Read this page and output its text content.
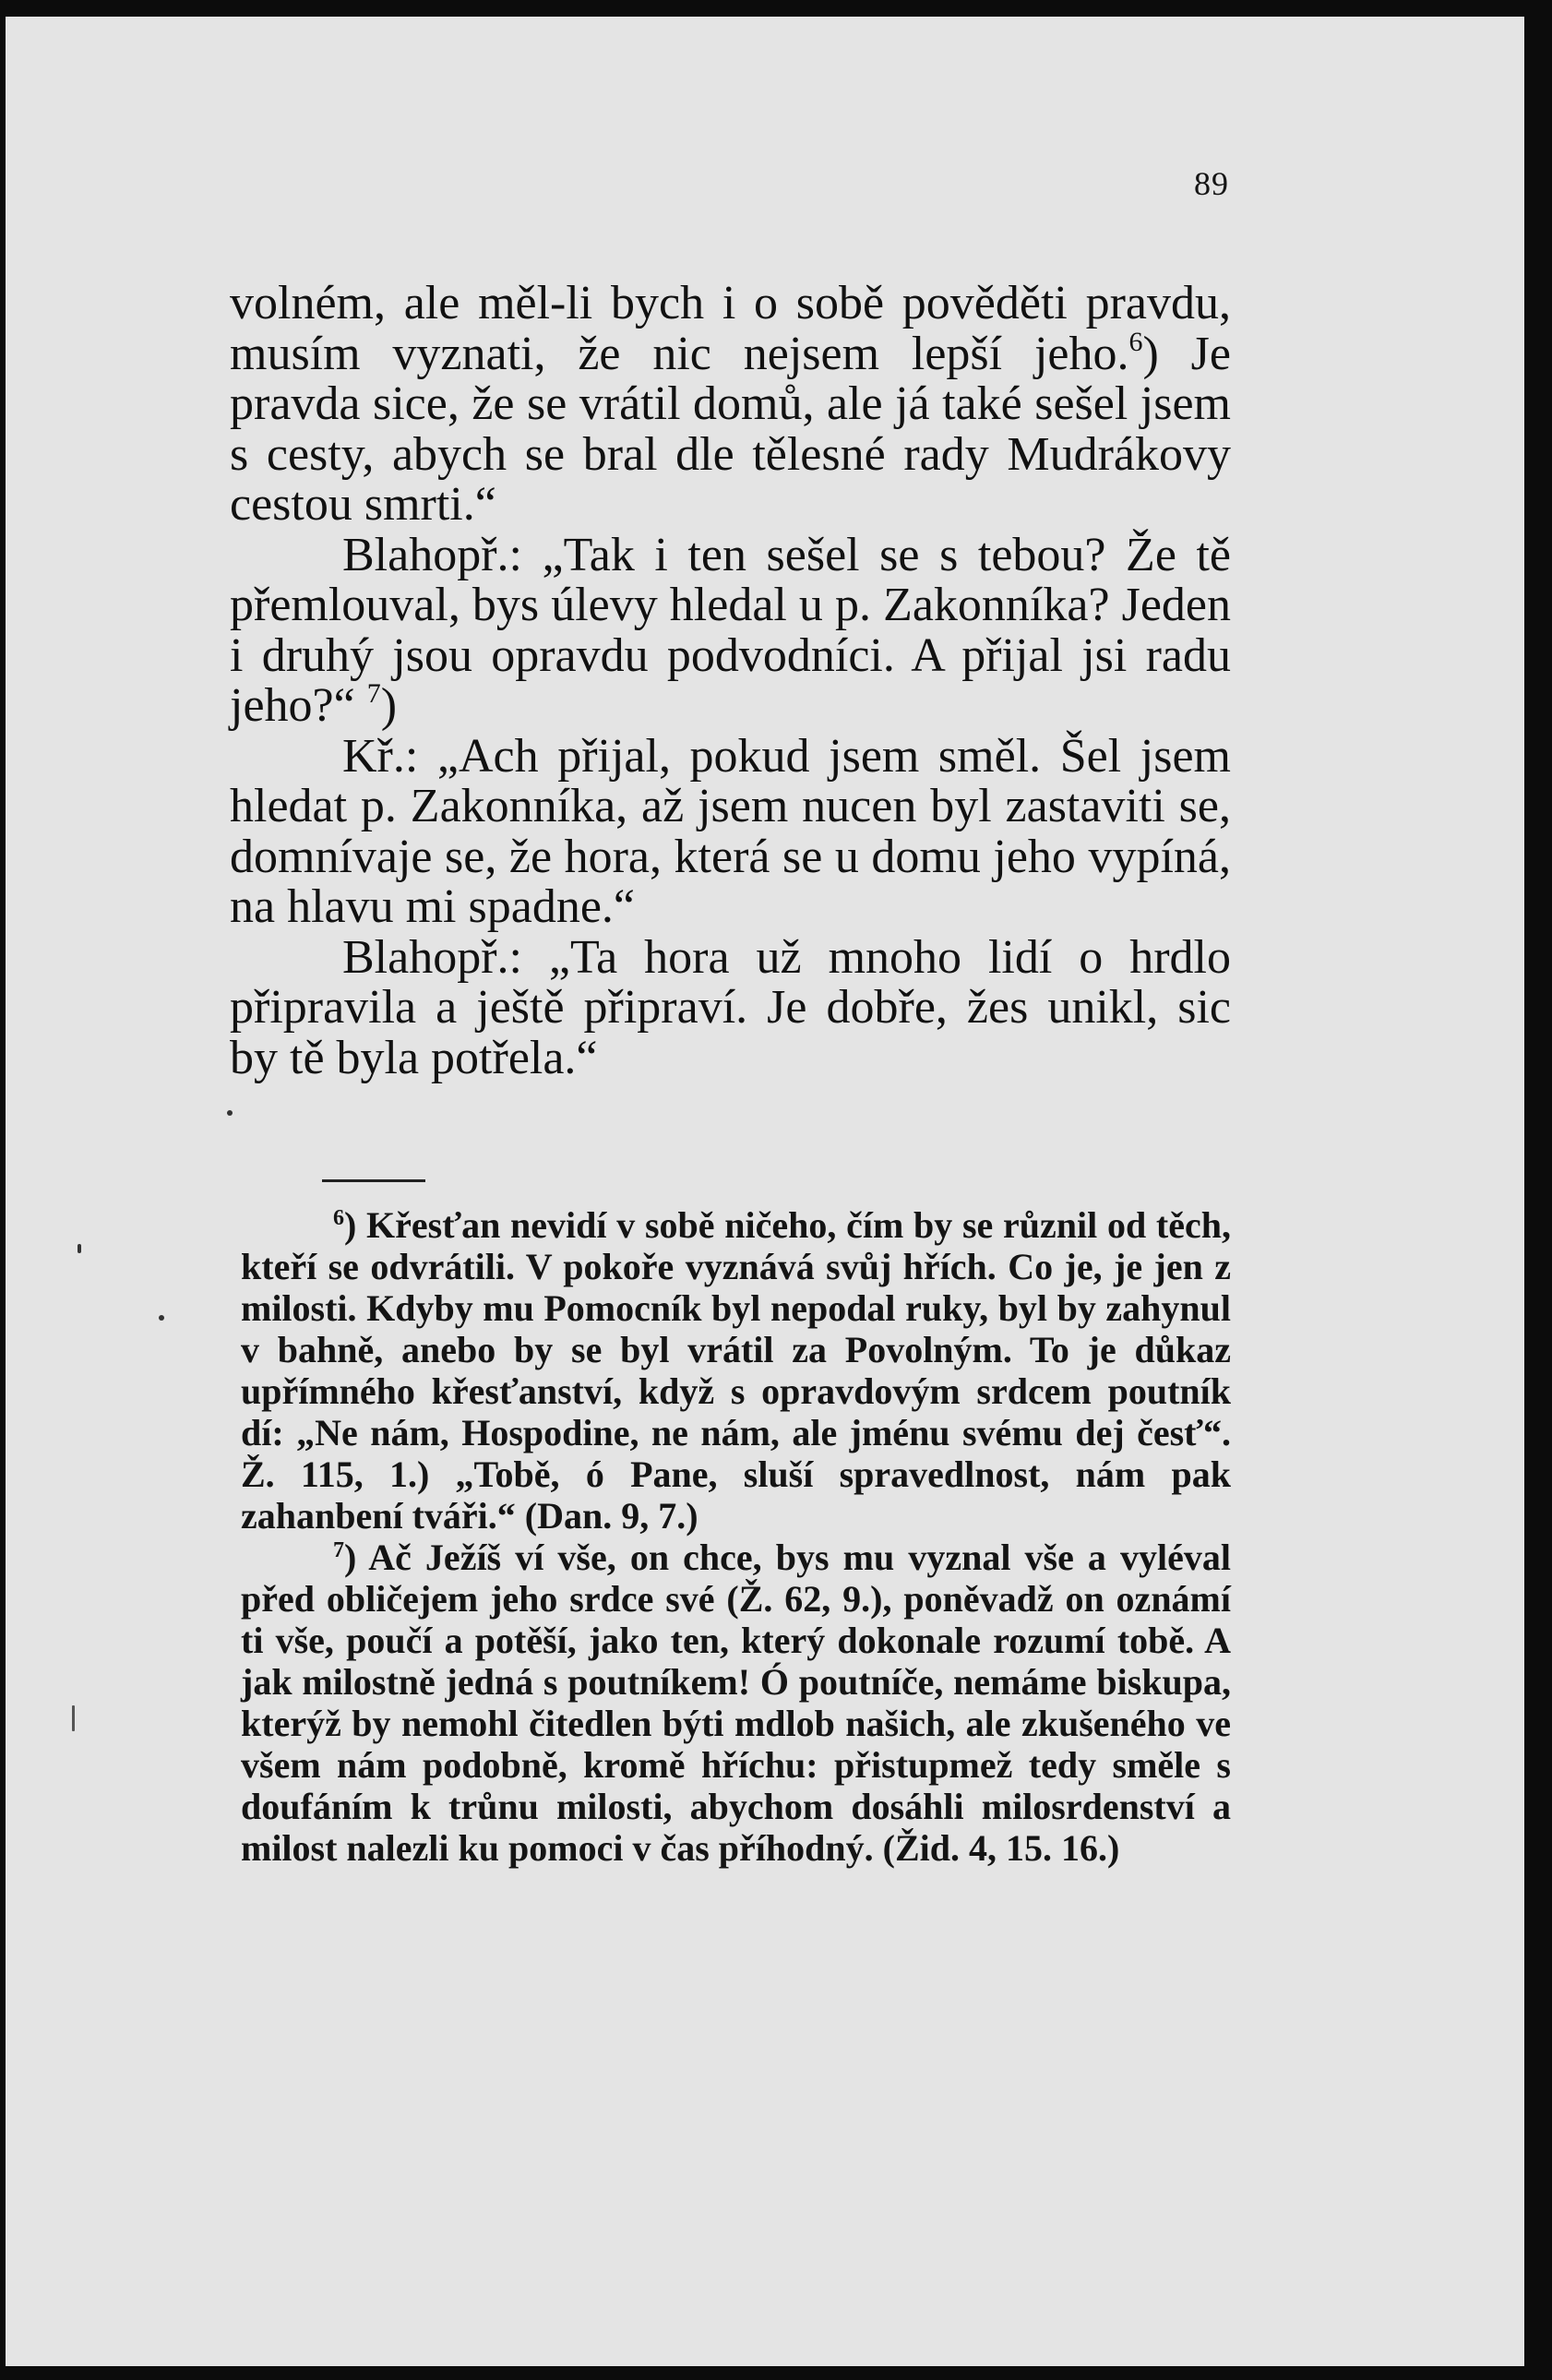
89

volném, ale měl-li bych i o sobě pověděti pravdu, musím vyznati, že nic nejsem lepší jeho.$^6$) Je pravda sice, že se vrátil domů, ale já také sešel jsem s cesty, abych se bral dle tělesné rady Mudrákovy cestou smrti.“

Blahopř.: „Tak i ten sešel se s tebou? Že tě přemlouval, bys úlevy hledal u p. Zakonníka? Jeden i druhý jsou opravdu podvodníci. A přijal jsi radu jeho?“ $^7$)

Kř.: „Ach přijal, pokud jsem směl. Šel jsem hledat p. Zakonníka, až jsem nucen byl zastaviti se, domnívaje se, že hora, která se u domu jeho vypíná, na hlavu mi spadne.“

Blahopř.: „Ta hora už mnoho lidí o hrdlo připravila a ještě připraví. Je dobře, žes unikl, sic by tě byla potřela.“

$^6$) Křesťan nevidí v sobě ničeho, čím by se různil od těch, kteří se odvrátili. V pokoře vyznává svůj hřích. Co je, je jen z milosti. Kdyby mu Pomocník byl nepodal ruky, byl by zahynul v bahně, anebo by se byl vrátil za Povolným. To je důkaz upřímného křesťanství, když s opravdovým srdcem poutník dí: „Ne nám, Hospodine, ne nám, ale jménu svému dej česť“. Ž. 115, 1.) „Tobě, ó Pane, sluší spravedlnost, nám pak zahanbení tváři.“ (Dan. 9, 7.)

$^7$) Ač Ježíš ví vše, on chce, bys mu vyznal vše a vyléval před obličejem jeho srdce své (Ž. 62, 9.), poněvadž on oznámí ti vše, poučí a potěší, jako ten, který dokonale rozumí tobě. A jak milostně jedná s poutníkem! Ó poutníče, nemáme biskupa, kterýž by nemohl čitedlen býti mdlob našich, ale zkušeného ve všem nám podobně, kromě hříchu: přistupmež tedy směle s doufáním k trůnu milosti, abychom dosáhli milosrdenství a milost nalezli ku pomoci v čas příhodný. (Žid. 4, 15. 16.)
